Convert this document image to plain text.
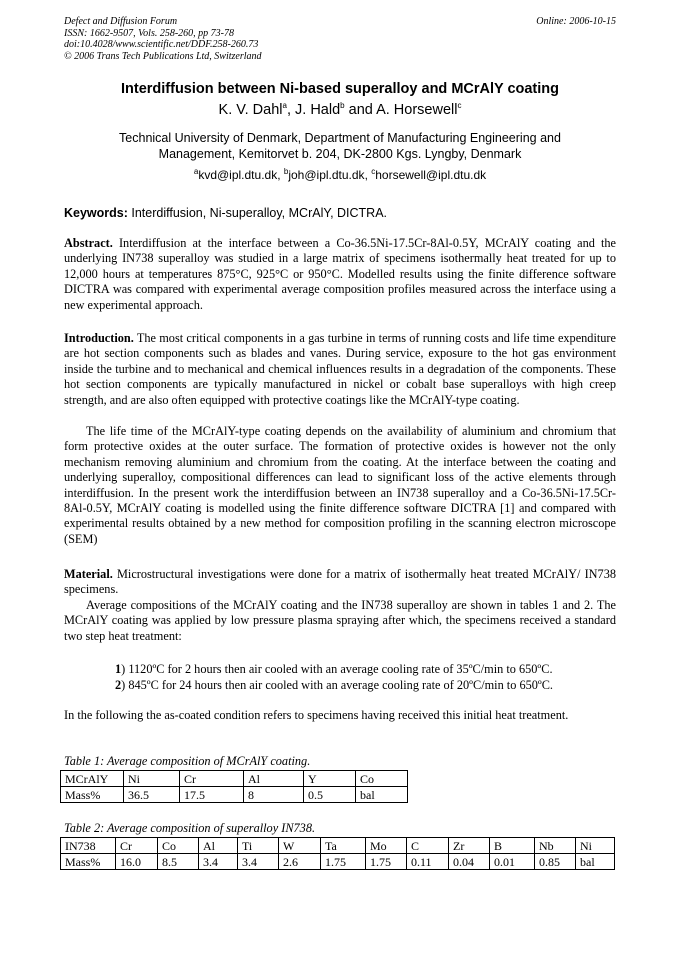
Defect and Diffusion Forum
ISSN: 1662-9507, Vols. 258-260, pp 73-78
doi:10.4028/www.scientific.net/DDF.258-260.73
© 2006 Trans Tech Publications Ltd, Switzerland
Online: 2006-10-15
Interdiffusion between Ni-based superalloy and MCrAlY coating
K. V. Dahl$^a$, J. Hald$^b$ and A. Horsewell$^c$
Technical University of Denmark, Department of Manufacturing Engineering and
Management, Kemitorvet b. 204, DK-2800 Kgs. Lyngby, Denmark
$^a$kvd@ipl.dtu.dk, $^b$joh@ipl.dtu.dk, $^c$horsewell@ipl.dtu.dk
Keywords: Interdiffusion, Ni-superalloy, MCrAlY, DICTRA.

Abstract. Interdiffusion at the interface between a Co-36.5Ni-17.5Cr-8Al-0.5Y, MCrAlY coating and the underlying IN738 superalloy was studied in a large matrix of specimens isothermally heat treated for up to 12,000 hours at temperatures 875°C, 925°C or 950°C. Modelled results using the finite difference software DICTRA was compared with experimental average composition profiles measured across the interface using a new experimental approach.

Introduction. The most critical components in a gas turbine in terms of running costs and life time expenditure are hot section components such as blades and vanes. During service, exposure to the hot gas environment inside the turbine and to mechanical and chemical influences results in a degradation of the components. These hot section components are typically manufactured in nickel or cobalt base superalloys with high creep strength, and are also often equipped with protective coatings like the MCrAlY-type coating.

The life time of the MCrAlY-type coating depends on the availability of aluminium and chromium that form protective oxides at the outer surface. The formation of protective oxides is however not the only mechanism removing aluminium and chromium from the coating. At the interface between the coating and underlying superalloy, compositional differences can lead to significant loss of the active elements through interdiffusion. In the present work the interdiffusion between an IN738 superalloy and a Co-36.5Ni-17.5Cr-8Al-0.5Y, MCrAlY coating is modelled using the finite difference software DICTRA [1] and compared with experimental results obtained by a new method for composition profiling in the scanning electron microscope (SEM)

Material. Microstructural investigations were done for a matrix of isothermally heat treated MCrAlY/ IN738 specimens.

Average compositions of the MCrAlY coating and the IN738 superalloy are shown in tables 1 and 2. The MCrAlY coating was applied by low pressure plasma spraying after which, the specimens received a standard two step heat treatment:

1) 1120ºC for 2 hours then air cooled with an average cooling rate of 35ºC/min to 650ºC.
2) 845ºC for 24 hours then air cooled with an average cooling rate of 20ºC/min to 650ºC.

In the following the as-coated condition refers to specimens having received this initial heat treatment.

Table 1: Average composition of MCrAlY coating.
MCrAlY	Ni	Cr	Al	Y	Co
Mass%	36.5	17.5	8	0.5	bal
Table 2: Average composition of superalloy IN738.
IN738	Cr	Co	Al	Ti	W	Ta	Mo	C	Zr	B	Nb	Ni
Mass%	16.0	8.5	3.4	3.4	2.6	1.75	1.75	0.11	0.04	0.01	0.85	bal
